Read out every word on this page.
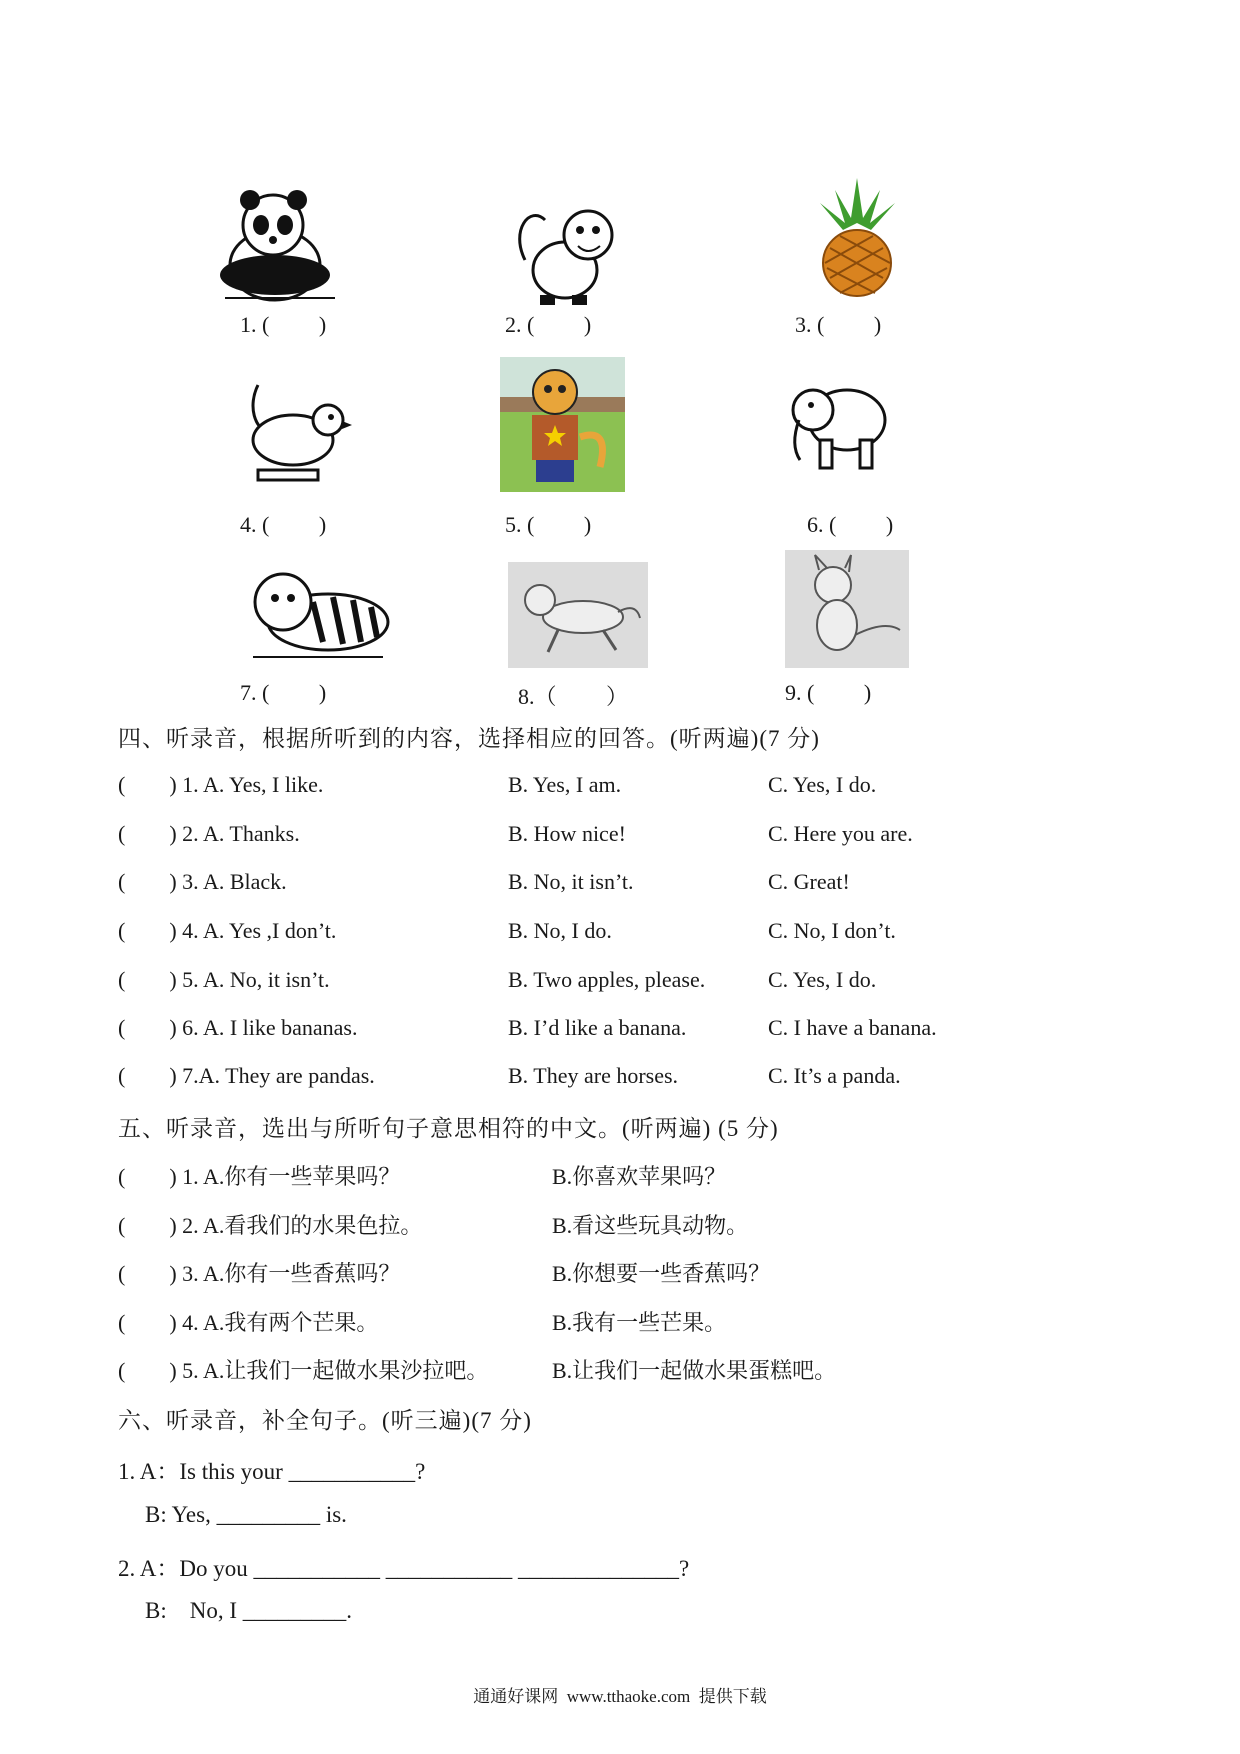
1. (         )	2. (         )	3. (         )
4. (         )	5. (         )	6. (         )
7. (         )	8.（         ）	9. (         )
四、听录音，根据所听到的内容，选择相应的回答。(听两遍)(7 分)
(        ) 1. A. Yes, I like.	B. Yes, I am.	C. Yes, I do.
(        ) 2. A. Thanks.	B. How nice!	C. Here you are.
(        ) 3. A. Black.	B. No, it isn’t.	C. Great!
(        ) 4. A. Yes ,I don’t.	B. No, I do.	C. No, I don’t.
(        ) 5. A. No, it isn’t.	B. Two apples, please.	C. Yes, I do.
(        ) 6. A. I like bananas.	B. I’d like a banana.	C. I have a banana.
(        ) 7.A. They are pandas.	B. They are horses.	C. It’s a panda.
五、听录音，选出与所听句子意思相符的中文。(听两遍) (5 分)
(        ) 1. A.你有一些苹果吗？	B.你喜欢苹果吗？
(        ) 2. A.看我们的水果色拉。	B.看这些玩具动物。
(        ) 3. A.你有一些香蕉吗？	B.你想要一些香蕉吗？
(        ) 4. A.我有两个芒果。	B.我有一些芒果。
(        ) 5. A.让我们一起做水果沙拉吧。	B.让我们一起做水果蛋糕吧。
六、听录音，补全句子。(听三遍)(7 分)
1. A：Is this your ___________?
B: Yes, _________ is.
2. A：Do you ___________ ___________ ______________?
B:    No, I _________.
通通好课网  www.tthaoke.com  提供下载
